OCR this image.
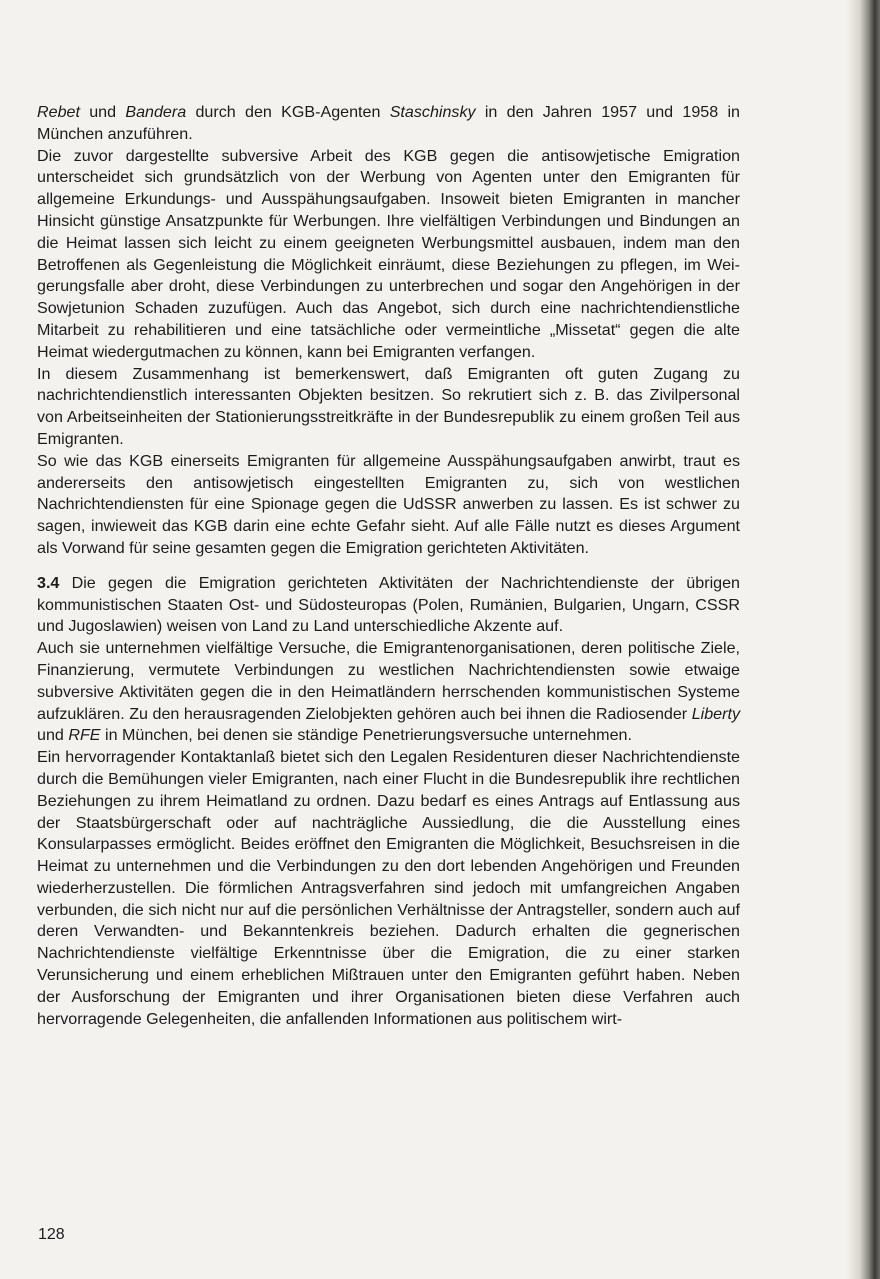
Rebet und Bandera durch den KGB-Agenten Staschinsky in den Jahren 1957 und 1958 in München anzuführen.

Die zuvor dargestellte subversive Arbeit des KGB gegen die antisowjetische Emigration unterscheidet sich grundsätzlich von der Werbung von Agenten unter den Emigranten für allgemeine Erkundungs- und Ausspähungsaufgaben. Insoweit bieten Emigranten in mancher Hinsicht günstige Ansatzpunkte für Werbungen. Ihre vielfältigen Verbindungen und Bindungen an die Heimat lassen sich leicht zu einem geeigneten Werbungsmittel ausbauen, indem man den Betroffenen als Gegenleistung die Möglichkeit einräumt, diese Beziehungen zu pflegen, im Weigerungsfalle aber droht, diese Verbindungen zu unterbrechen und sogar den Angehörigen in der Sowjetunion Schaden zuzufügen. Auch das Angebot, sich durch eine nachrichtendienstliche Mitarbeit zu rehabilitieren und eine tatsächliche oder vermeintliche „Missetat“ gegen die alte Heimat wiedergutmachen zu können, kann bei Emigranten verfangen.

In diesem Zusammenhang ist bemerkenswert, daß Emigranten oft guten Zugang zu nachrichtendienstlich interessanten Objekten besitzen. So rekrutiert sich z. B. das Zivilpersonal von Arbeitseinheiten der Stationierungsstreitkräfte in der Bundesrepublik zu einem großen Teil aus Emigranten.

So wie das KGB einerseits Emigranten für allgemeine Ausspähungsaufgaben anwirbt, traut es andererseits den antisowjetisch eingestellten Emigranten zu, sich von westlichen Nachrichtendiensten für eine Spionage gegen die UdSSR anwerben zu lassen. Es ist schwer zu sagen, inwieweit das KGB darin eine echte Gefahr sieht. Auf alle Fälle nutzt es dieses Argument als Vorwand für seine gesamten gegen die Emigration gerichteten Aktivitäten.

3.4 Die gegen die Emigration gerichteten Aktivitäten der Nachrichtendienste der übrigen kommunistischen Staaten Ost- und Südosteuropas (Polen, Rumänien, Bulgarien, Ungarn, CSSR und Jugoslawien) weisen von Land zu Land unterschiedliche Akzente auf.

Auch sie unternehmen vielfältige Versuche, die Emigrantenorganisationen, deren politische Ziele, Finanzierung, vermutete Verbindungen zu westlichen Nachrichtendiensten sowie etwaige subversive Aktivitäten gegen die in den Heimatländern herrschenden kommunistischen Systeme aufzuklären. Zu den herausragenden Zielobjekten gehören auch bei ihnen die Radiosender Liberty und RFE in München, bei denen sie ständige Penetrierungsversuche unternehmen.

Ein hervorragender Kontaktanlaß bietet sich den Legalen Residenturen dieser Nachrichtendienste durch die Bemühungen vieler Emigranten, nach einer Flucht in die Bundesrepublik ihre rechtlichen Beziehungen zu ihrem Heimatland zu ordnen. Dazu bedarf es eines Antrags auf Entlassung aus der Staatsbürgerschaft oder auf nachträgliche Aussiedlung, die die Ausstellung eines Konsularpasses ermöglicht. Beides eröffnet den Emigranten die Möglichkeit, Besuchsreisen in die Heimat zu unternehmen und die Verbindungen zu den dort lebenden Angehörigen und Freunden wiederherzustellen. Die förmlichen Antragsverfahren sind jedoch mit umfangreichen Angaben verbunden, die sich nicht nur auf die persönlichen Verhältnisse der Antragsteller, sondern auch auf deren Verwandten- und Bekanntenkreis beziehen. Dadurch erhalten die gegnerischen Nachrichtendienste vielfältige Erkenntnisse über die Emigration, die zu einer starken Verunsicherung und einem erheblichen Mißtrauen unter den Emigranten geführt haben. Neben der Ausforschung der Emigranten und ihrer Organisationen bieten diese Verfahren auch hervorragende Gelegenheiten, die anfallenden Informationen aus politischem wirt-

128
